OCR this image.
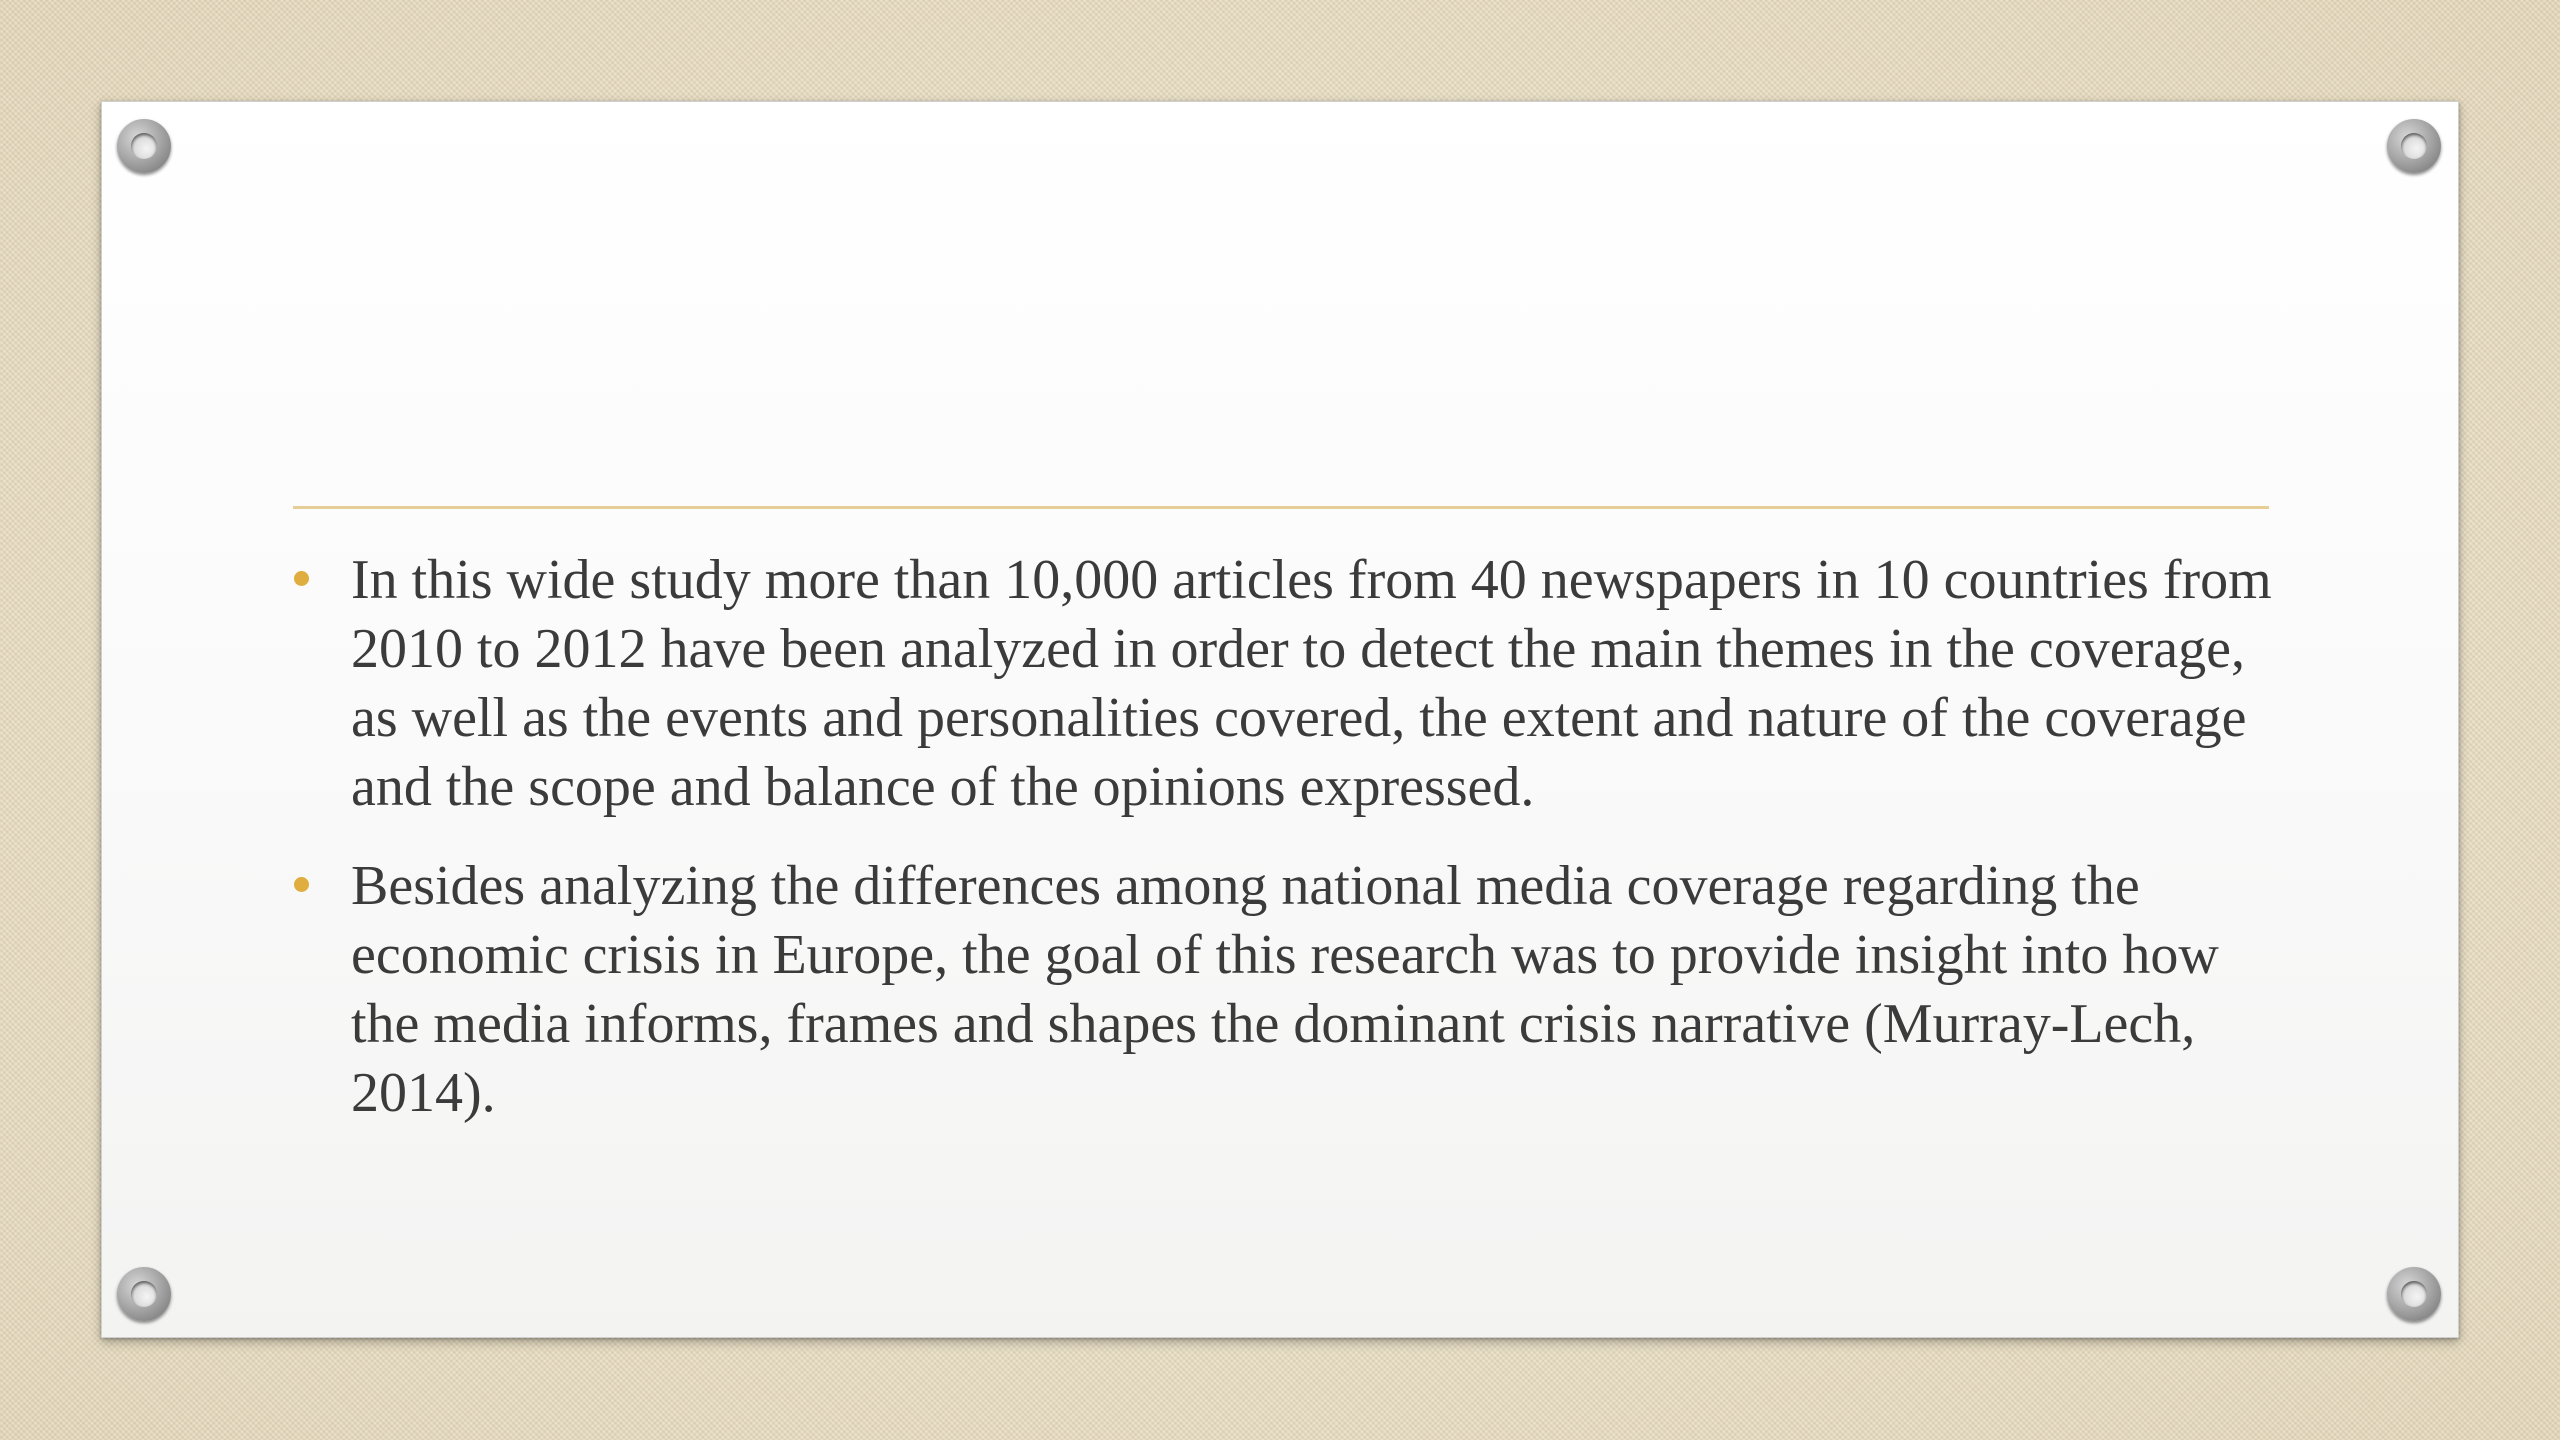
In this wide study more than 10,000 articles from 40 newspapers in 10 countries from 2010 to 2012 have been analyzed in order to detect the main themes in the coverage, as well as the events and personalities covered, the extent and nature of the coverage and the scope and balance of the opinions expressed.
Besides analyzing the differences among national media coverage regarding the economic crisis in Europe, the goal of this research was to provide insight into how the media informs, frames and shapes the dominant crisis narrative (Murray-Lech, 2014).
